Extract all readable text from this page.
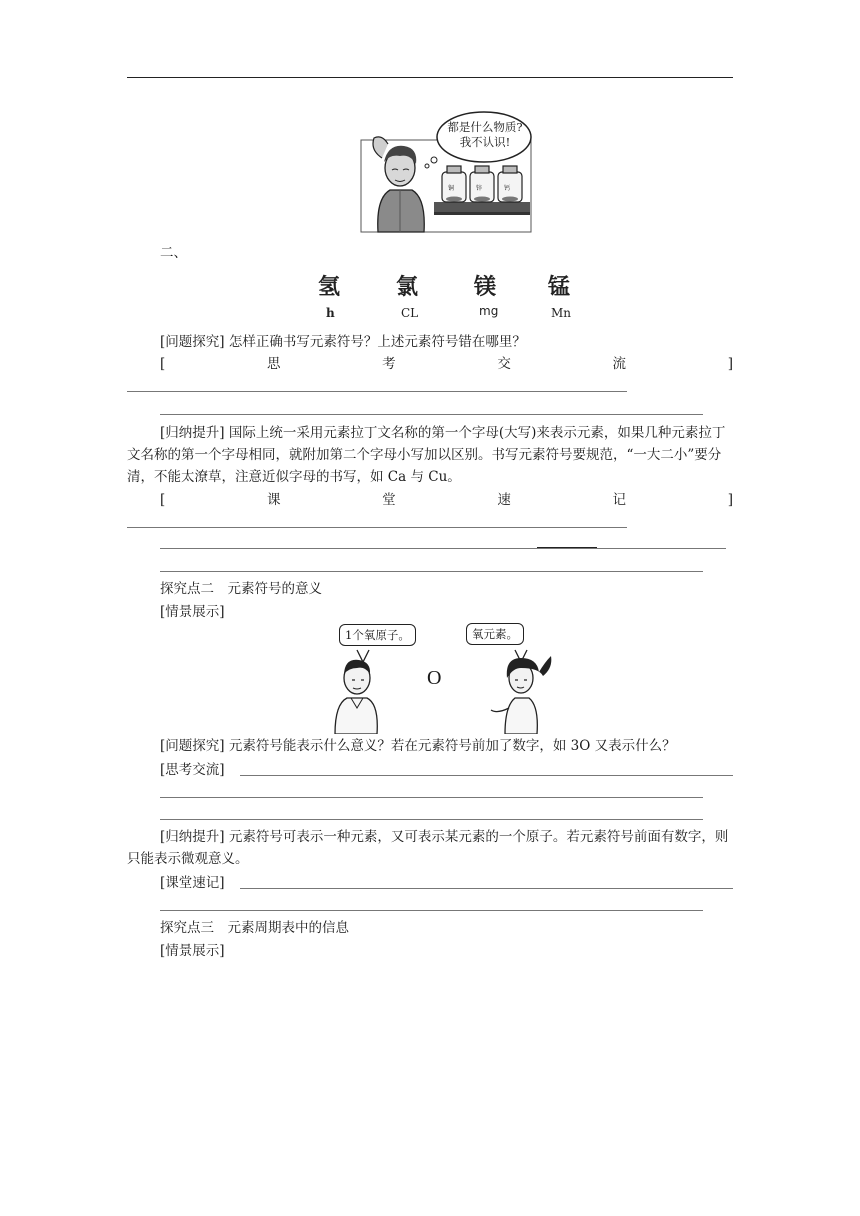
都是什么物质?
我不认识!
铜	锌	钙
二、
氢	氯	镁 锰
h	CL	mg	Mn
[问题探究] 怎样正确书写元素符号？上述元素符号错在哪里？
[	思	考	交	流	]
[归纳提升] 国际上统一采用元素拉丁文名称的第一个字母(大写)来表示元素，如果几种元素拉丁文名称的第一个字母相同，就附加第二个字母小写加以区别。书写元素符号要规范，“一大二小”要分清，不能太潦草，注意近似字母的书写，如 Ca 与 Cu。
[	课	堂	速	记	]
探究点二　元素符号的意义
[情景展示]
1个氧原子。	氧元素。
O
[问题探究] 元素符号能表示什么意义？若在元素符号前加了数字，如 3O 又表示什么？
[思考交流]
[归纳提升] 元素符号可表示一种元素，又可表示某元素的一个原子。若元素符号前面有数字，则只能表示微观意义。
[课堂速记]
探究点三　元素周期表中的信息
[情景展示]
